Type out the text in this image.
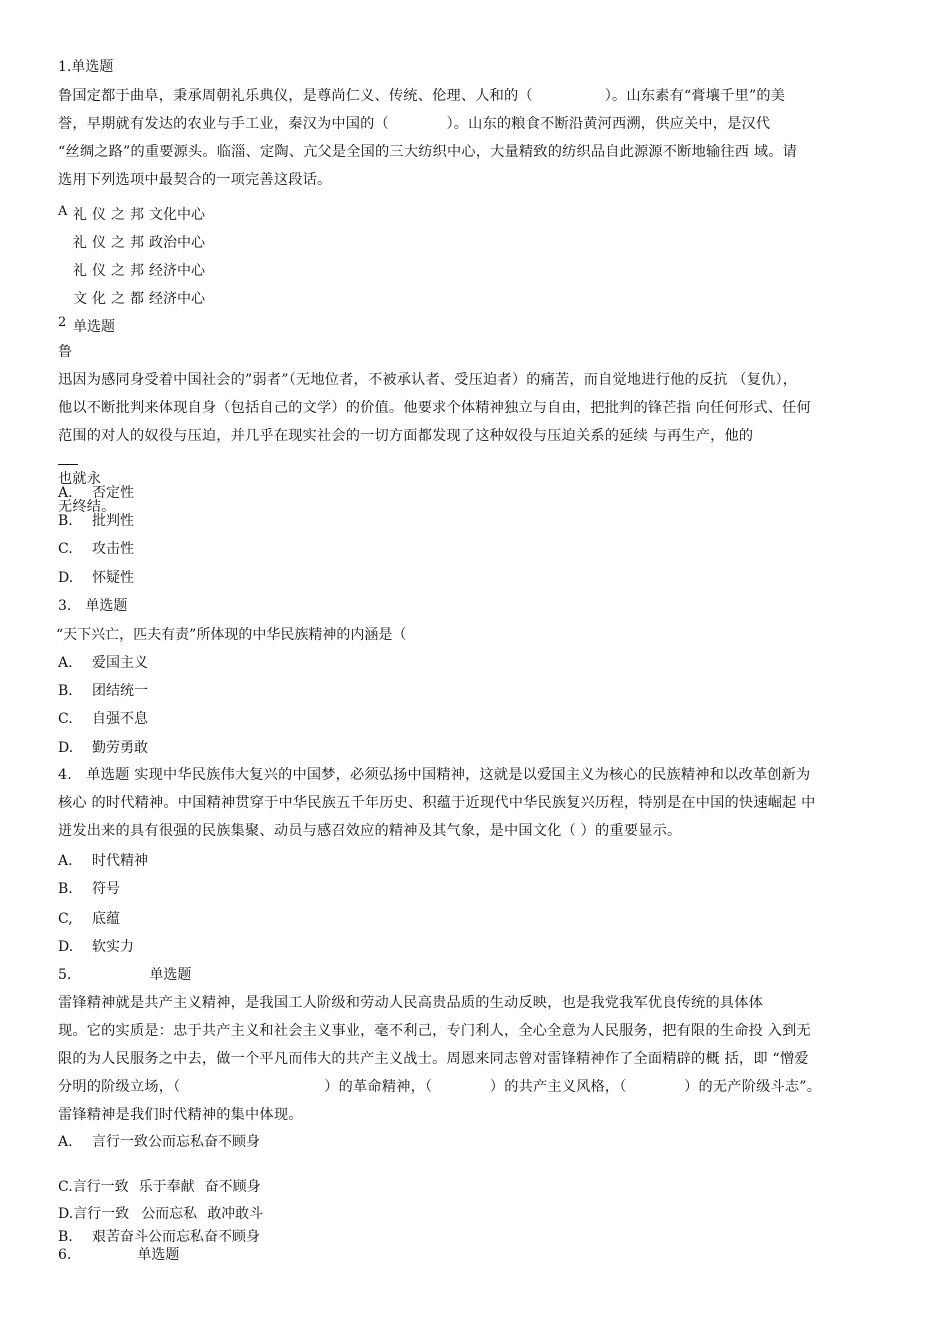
1.单选题
鲁国定都于曲阜，秉承周朝礼乐典仪，是尊尚仁义、传统、伦理、人和的（　　　　　）。山东素有“膏壤千里”的美
誉，早期就有发达的农业与手工业，秦汉为中国的（　　　　）。山东的粮食不断沿黄河西溯，供应关中，是汉代
“丝绸之路”的重要源头。临淄、定陶、亢父是全国的三大纺织中心，大量精致的纺织品自此源源不断地输往西 域。请
选用下列选项中最契合的一项完善这段话。
A 礼仪之邦文化中心
礼仪之邦政治中心
礼仪之邦经济中心
文化之都经济中心
2 单选题
鲁
迅因为感同身受着中国社会的”弱者”（无地位者，不被承认者、受压迫者）的痛苦，而自觉地进行他的反抗 （复仇），
他以不断批判来体现自身（包括自己的文学）的价值。他要求个体精神独立与自由，把批判的锋芒指 向任何形式、任何
范围的对人的奴役与压迫，并几乎在现实社会的一切方面都发现了这种奴役与压迫关系的延续 与再生产，他的
也就永
无终结。
A. 否定性
B. 批判性
C. 攻击性
D. 怀疑性
3.　单选题
“天下兴亡，匹夫有责”所体现的中华民族精神的内涵是（
A. 爱国主义
B. 团结统一
C. 自强不息
D. 勤劳勇敢
4.　单选题 实现中华民族伟大复兴的中国梦，必须弘扬中国精神，这就是以爱国主义为核心的民族精神和以改革创新为
核心 的时代精神。中国精神贯穿于中华民族五千年历史、积蕴于近现代中华民族复兴历程，特别是在中国的快速崛起 中
迸发出来的具有很强的民族集聚、动员与感召效应的精神及其气象，是中国文化（ ）的重要显示。
A. 时代精神
B. 符号
C, 底蕴
D. 软实力
5.	单选题
雷锋精神就是共产主义精神，是我国工人阶级和劳动人民高贵品质的生动反映，也是我党我军优良传统的具体体
现。它的实质是：忠于共产主义和社会主义事业，毫不利己，专门利人，全心全意为人民服务，把有限的生命投 入到无
限的为人民服务之中去，做一个平凡而伟大的共产主义战士。周恩来同志曾对雷锋精神作了全面精辟的概 括，即 “憎爱
分明的阶级立场，（　　　　　　　　　　）的革命精神，（　　　　）的共产主义风格，（　　　　）的无产阶级斗志”。
雷锋精神是我们时代精神的集中体现。
A. 言行一致公而忘私奋不顾身
C.言行一致 乐于奉献 奋不顾身
D.言行一致 公而忘私 敢冲敢斗
B. 艰苦奋斗公而忘私奋不顾身
6.	单选题
